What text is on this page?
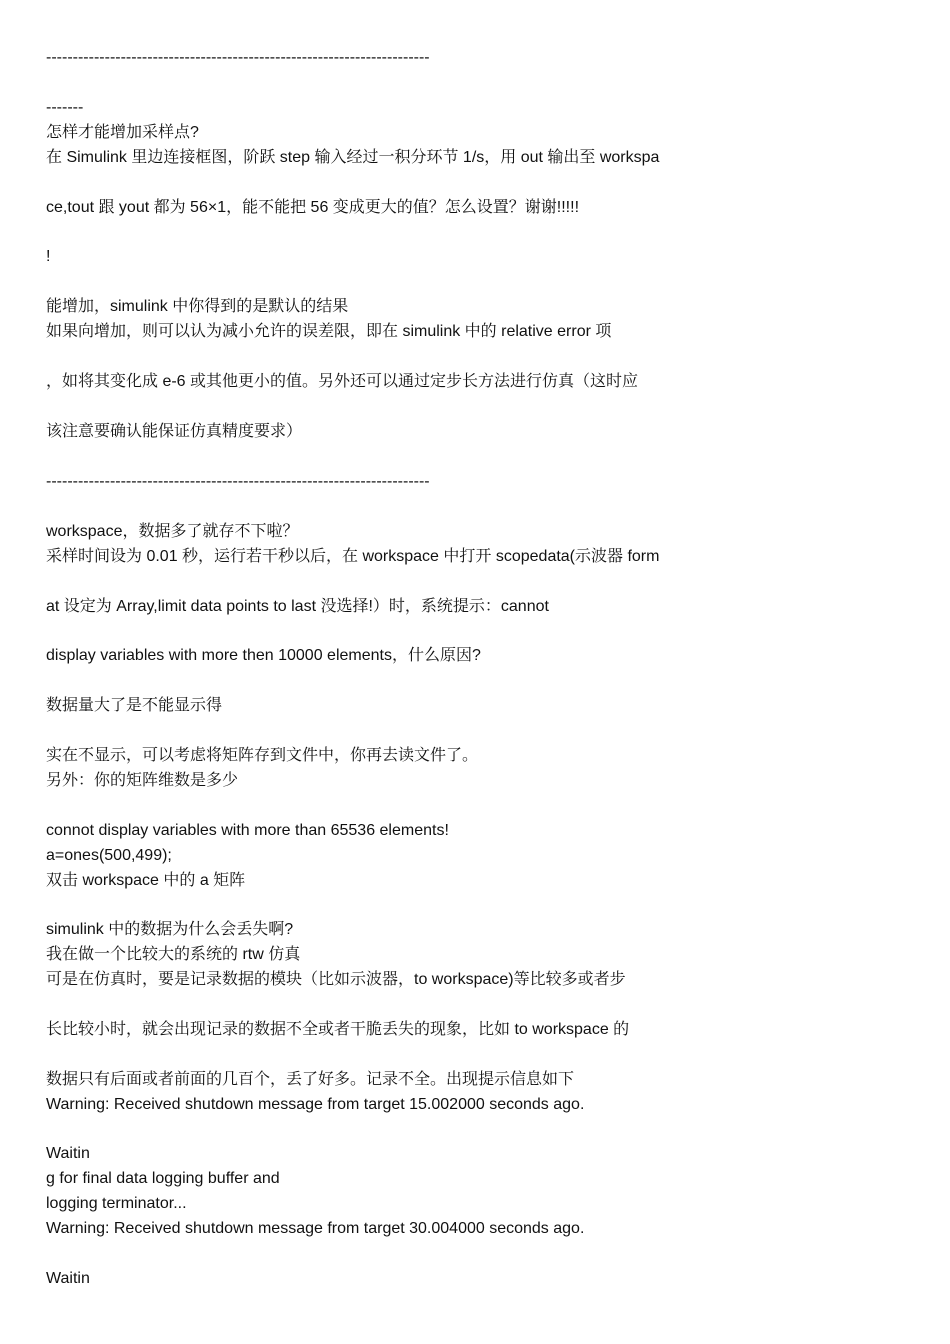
------------------------------------------------------------------------
-------
怎样才能增加采样点?
在 Simulink 里边连接框图，阶跃 step 输入经过一积分环节 1/s，用 out 输出至 workspa
ce,tout 跟 yout 都为 56×1，能不能把 56 变成更大的值？怎么设置？谢谢!!!!!
!
能增加，simulink 中你得到的是默认的结果
如果向增加，则可以认为减小允许的误差限，即在 simulink 中的 relative error 项
，如将其变化成 e-6 或其他更小的值。另外还可以通过定步长方法进行仿真（这时应
该注意要确认能保证仿真精度要求）
------------------------------------------------------------------------
workspace，数据多了就存不下啦？
采样时间设为 0.01 秒，运行若干秒以后，在 workspace 中打开 scopedata(示波器 form
at 设定为 Array,limit data points to last 没选择!）时，系统提示：cannot
display variables with more then 10000 elements，什么原因?
数据量大了是不能显示得
实在不显示，可以考虑将矩阵存到文件中，你再去读文件了。
另外：你的矩阵维数是多少
connot display variables with more than 65536 elements!
a=ones(500,499);
双击 workspace 中的 a 矩阵
simulink 中的数据为什么会丢失啊?
我在做一个比较大的系统的 rtw 仿真
可是在仿真时，要是记录数据的模块（比如示波器，to workspace)等比较多或者步
长比较小时，就会出现记录的数据不全或者干脆丢失的现象，比如 to workspace 的
数据只有后面或者前面的几百个，丢了好多。记录不全。出现提示信息如下
Warning: Received shutdown message from target 15.002000 seconds ago.
Waitin
g for final data logging buffer and
logging terminator...
Warning: Received shutdown message from target 30.004000 seconds ago.
Waitin
